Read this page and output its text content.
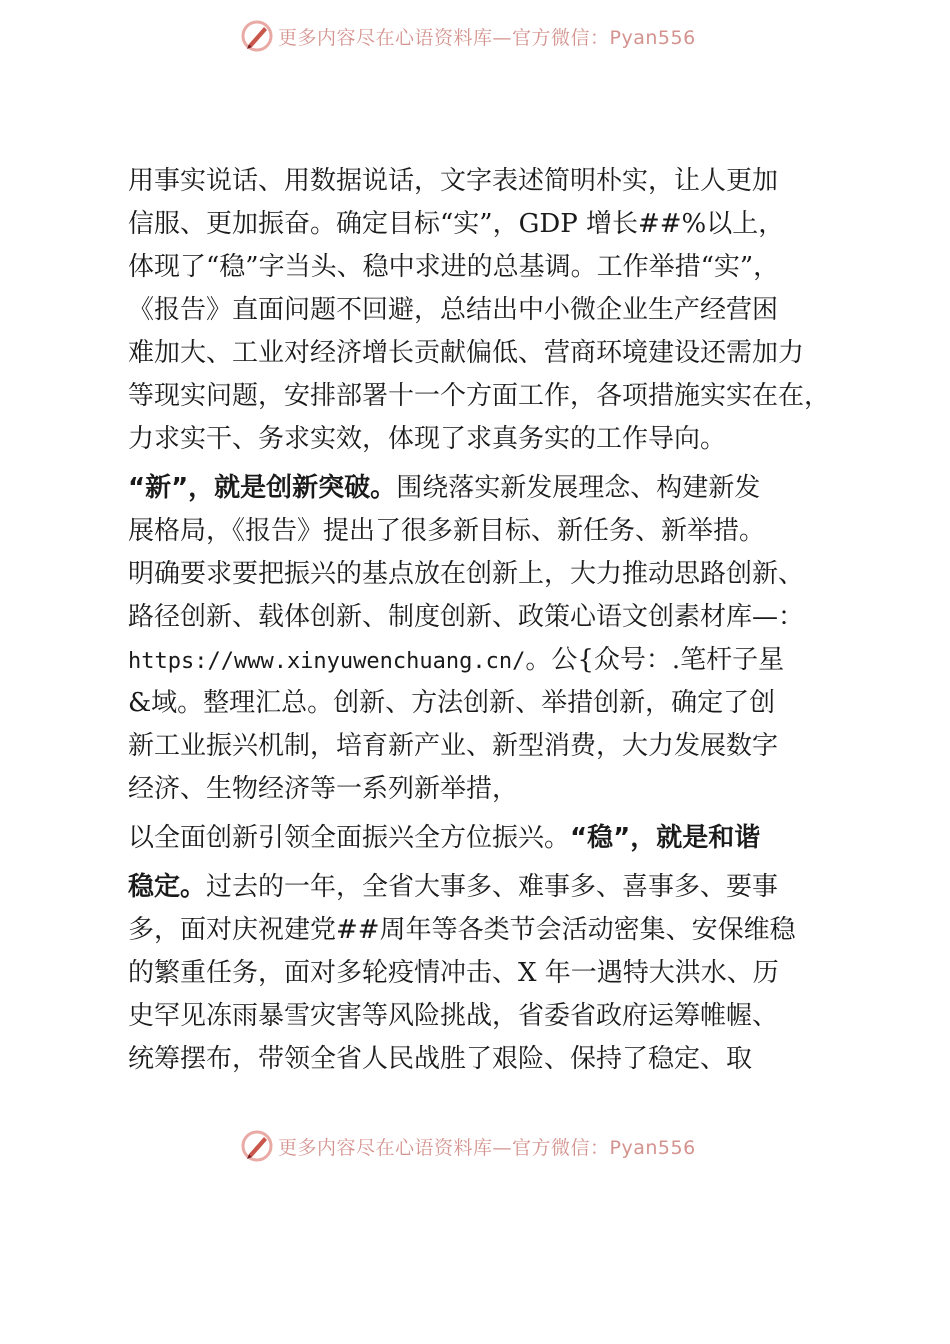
更多内容尽在心语资料库—官方微信：Pyan556
用事实说话、用数据说话，文字表述简明朴实，让人更加
信服、更加振奋。确定目标“实”，GDP 增长##%以上，
体现了“稳”字当头、稳中求进的总基调。工作举措“实”，
《报告》直面问题不回避，总结出中小微企业生产经营困
难加大、工业对经济增长贡献偏低、营商环境建设还需加力
等现实问题，安排部署十一个方面工作，各项措施实实在在，
力求实干、务求实效，体现了求真务实的工作导向。
“新”，就是创新突破。围绕落实新发展理念、构建新发
展格局，《报告》提出了很多新目标、新任务、新举措。
明确要求要把振兴的基点放在创新上，大力推动思路创新、
路径创新、载体创新、制度创新、政策心语文创素材库—：
https://www.xinyuwenchuang.cn/。公{众号：.笔杆子星
&域。整理汇总。创新、方法创新、举措创新，确定了创
新工业振兴机制，培育新产业、新型消费，大力发展数字
经济、生物经济等一系列新举措，
以全面创新引领全面振兴全方位振兴。“稳”，就是和谐
稳定。过去的一年，全省大事多、难事多、喜事多、要事
多，面对庆祝建党##周年等各类节会活动密集、安保维稳
的繁重任务，面对多轮疫情冲击、X 年一遇特大洪水、历
史罕见冻雨暴雪灾害等风险挑战，省委省政府运筹帷幄、
统筹摆布，带领全省人民战胜了艰险、保持了稳定、取
更多内容尽在心语资料库—官方微信：Pyan556
